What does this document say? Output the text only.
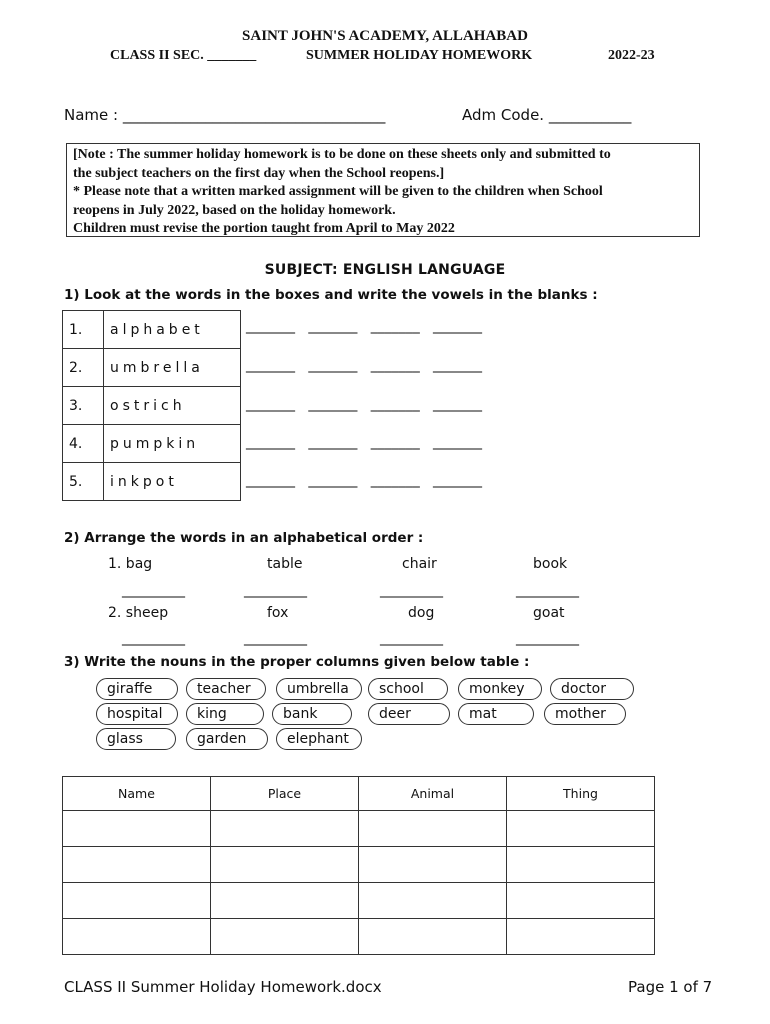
SAINT JOHN'S ACADEMY, ALLAHABAD
CLASS II SEC. _______	SUMMER HOLIDAY HOMEWORK	2022-23
Name : ___________________________________	Adm Code. ___________
[Note : The summer holiday homework is to be done on these sheets only and submitted to
the subject teachers on the first day when the School reopens.]
* Please note that a written marked assignment will be given to the children when School
reopens in July 2022, based on the holiday homework.
Children must revise the portion taught from April to May 2022
SUBJECT: ENGLISH LANGUAGE
1) Look at the words in the boxes and write the vowels in the blanks :
1.	alphabet
2.	umbrella
3.	ostrich
4.	pumpkin
5.	inkpot
_______   _______   _______   _______
_______   _______   _______   _______
_______   _______   _______   _______
_______   _______   _______   _______
_______   _______   _______   _______
2) Arrange the words in an alphabetical order :
1. bag	table	chair	book
_________	_________	_________	_________
2. sheep	fox	dog	goat
_________	_________	_________	_________
3) Write the nouns in the proper columns given below table :
giraffe	teacher	umbrella	school	monkey	doctor
hospital	king	bank	deer	mat	mother
glass	garden	elephant
Name	Place	Animal	Thing

CLASS II Summer Holiday Homework.docx	Page 1 of 7
